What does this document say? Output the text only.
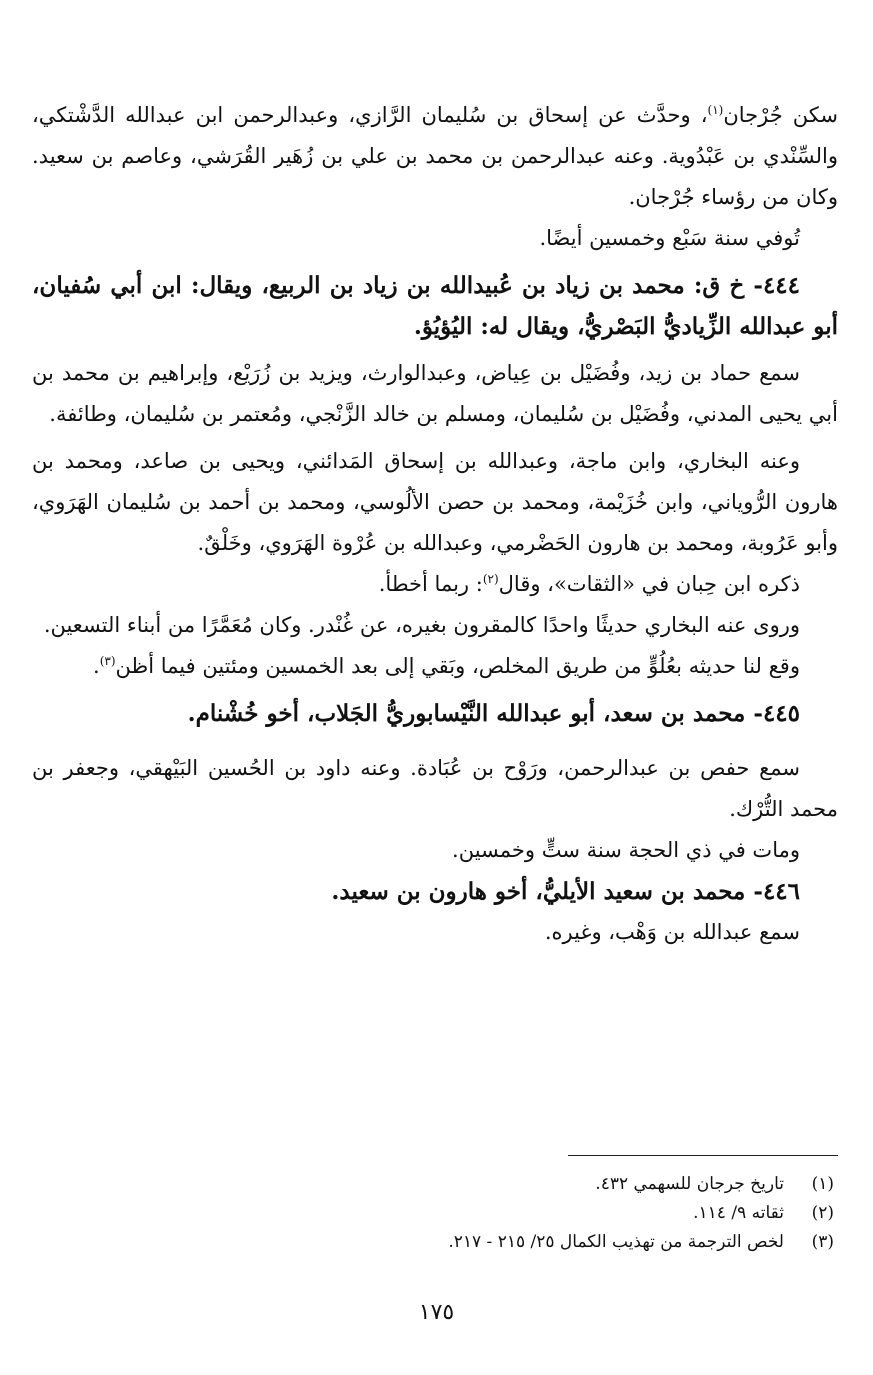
سكن جُرْجان$^{(١)}$، وحدَّث عن إسحاق بن سُليمان الرَّازي، وعبدالرحمن ابن عبدالله الدَّشْتكي، والسِّنْدي بن عَبْدُوية. وعنه عبدالرحمن بن محمد بن علي بن زُهَير القُرَشي، وعاصم بن سعيد. وكان من رؤساء جُرْجان.

تُوفي سنة سَبْع وخمسين أيضًا.

٤٤٤- خ ق: محمد بن زياد بن عُبيدالله بن زياد بن الربيع، ويقال: ابن أبي سُفيان، أبو عبدالله الزِّياديُّ البَصْريُّ، ويقال له: اليُؤيُؤ.

سمع حماد بن زيد، وفُضَيْل بن عِياض، وعبدالوارث، ويزيد بن زُرَيْع، وإبراهيم بن محمد بن أبي يحيى المدني، وفُضَيْل بن سُليمان، ومسلم بن خالد الزَّنْجي، ومُعتمر بن سُليمان، وطائفة.

وعنه البخاري، وابن ماجة، وعبدالله بن إسحاق المَدائني، ويحيى بن صاعد، ومحمد بن هارون الرُّوياني، وابن خُزَيْمة، ومحمد بن حصن الألُوسي، ومحمد بن أحمد بن سُليمان الهَرَوي، وأبو عَرُوبة، ومحمد بن هارون الحَضْرمي، وعبدالله بن عُرْوة الهَرَوي، وخَلْقٌ.

ذكره ابن حِبان في «الثقات»، وقال$^{(٢)}$: ربما أخطأ.

وروى عنه البخاري حديثًا واحدًا كالمقرون بغيره، عن غُنْدر. وكان مُعَمَّرًا من أبناء التسعين.

وقع لنا حديثه بعُلُوٍّ من طريق المخلص، وبَقي إلى بعد الخمسين ومئتين فيما أظن$^{(٣)}$.

٤٤٥- محمد بن سعد، أبو عبدالله النَّيْسابوريُّ الجَلاب، أخو خُشْنام.

سمع حفص بن عبدالرحمن، ورَوْح بن عُبَادة. وعنه داود بن الحُسين البَيْهقي، وجعفر بن محمد التُّرْك.

ومات في ذي الحجة سنة ستٍّ وخمسين.

٤٤٦- محمد بن سعيد الأيليُّ، أخو هارون بن سعيد.

سمع عبدالله بن وَهْب، وغيره.

(١)
تاريخ جرجان للسهمي ٤٣٢.
(٢)
ثقاته ٩/ ١١٤.
(٣)
لخص الترجمة من تهذيب الكمال ٢٥/ ٢١٥ - ٢١٧.
١٧٥
